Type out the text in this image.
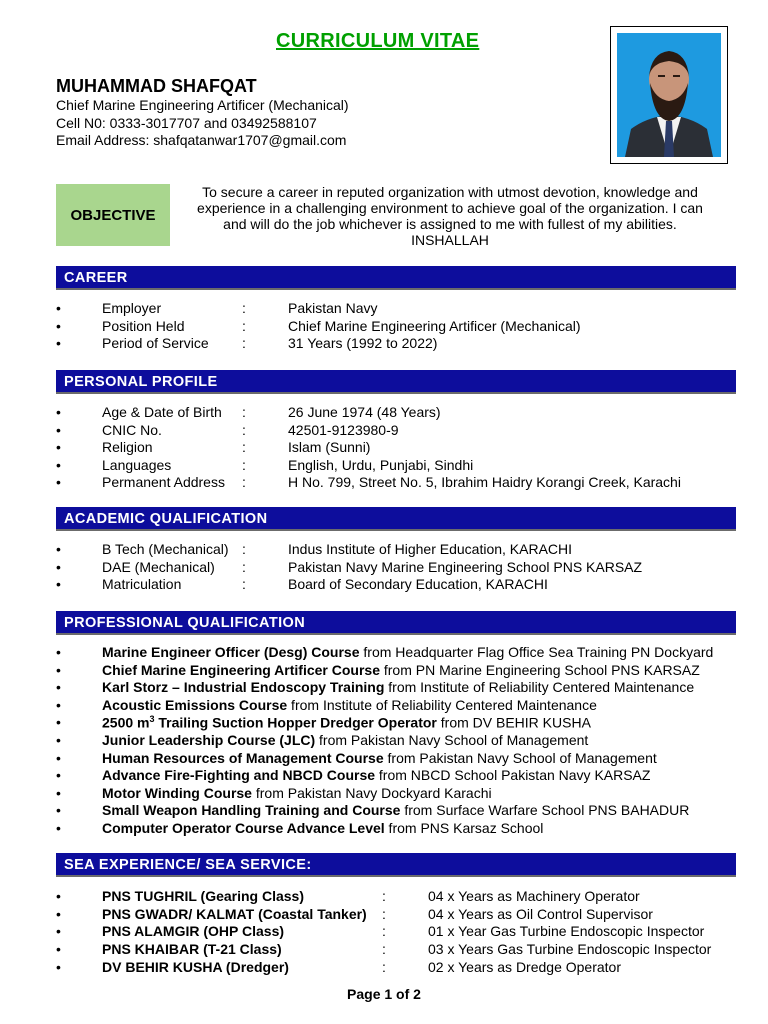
CURRICULUM VITAE
MUHAMMAD SHAFQAT
Chief Marine Engineering Artificer (Mechanical)
Cell N0: 0333-3017707 and 03492588107
Email Address: shafqatanwar1707@gmail.com
OBJECTIVE
To secure a career in reputed organization with utmost devotion, knowledge and
experience in a challenging environment to achieve goal of the organization. I can
and will do the job whichever is assigned to me with fullest of my abilities.
INSHALLAH
CAREER
•	Employer	:	Pakistan Navy
•	Position Held	:	Chief Marine Engineering Artificer (Mechanical)
•	Period of Service :	31 Years (1992 to 2022)
PERSONAL PROFILE
•	Age & Date of Birth :	26 June 1974 (48 Years)
•	CNIC No.	:	42501-9123980-9
•	Religion	:	Islam (Sunni)
•	Languages	:	English, Urdu, Punjabi, Sindhi
•	Permanent Address :	H No. 799, Street No. 5, Ibrahim Haidry Korangi Creek, Karachi
ACADEMIC QUALIFICATION
•	B Tech (Mechanical) :	Indus Institute of Higher Education, KARACHI
•	DAE (Mechanical) :	Pakistan Navy Marine Engineering School PNS KARSAZ
•	Matriculation	:	Board of Secondary Education, KARACHI
PROFESSIONAL QUALIFICATION
•	Marine Engineer Officer (Desg) Course from Headquarter Flag Office Sea Training PN Dockyard
•	Chief Marine Engineering Artificer Course from PN Marine Engineering School PNS KARSAZ
•	Karl Storz – Industrial Endoscopy Training from Institute of Reliability Centered Maintenance
•	Acoustic Emissions Course from Institute of Reliability Centered Maintenance
•	2500 $m^3$ Trailing Suction Hopper Dredger Operator from DV BEHIR KUSHA
•	Junior Leadership Course (JLC) from Pakistan Navy School of Management
•	Human Resources of Management Course from Pakistan Navy School of Management
•	Advance Fire-Fighting and NBCD Course from NBCD School Pakistan Navy KARSAZ
•	Motor Winding Course from Pakistan Navy Dockyard Karachi
•	Small Weapon Handling Training and Course from Surface Warfare School PNS BAHADUR
•	Computer Operator Course Advance Level from PNS Karsaz School
SEA EXPERIENCE/ SEA SERVICE:
•	PNS TUGHRIL (Gearing Class)	:	04 x Years as Machinery Operator
•	PNS GWADR/ KALMAT (Coastal Tanker) :	04 x Years as Oil Control Supervisor
•	PNS ALAMGIR (OHP Class)	:	01 x Year Gas Turbine Endoscopic Inspector
•	PNS KHAIBAR (T-21 Class)	:	03 x Years Gas Turbine Endoscopic Inspector
•	DV BEHIR KUSHA (Dredger)	:	02 x Years as Dredge Operator
Page 1 of 2
